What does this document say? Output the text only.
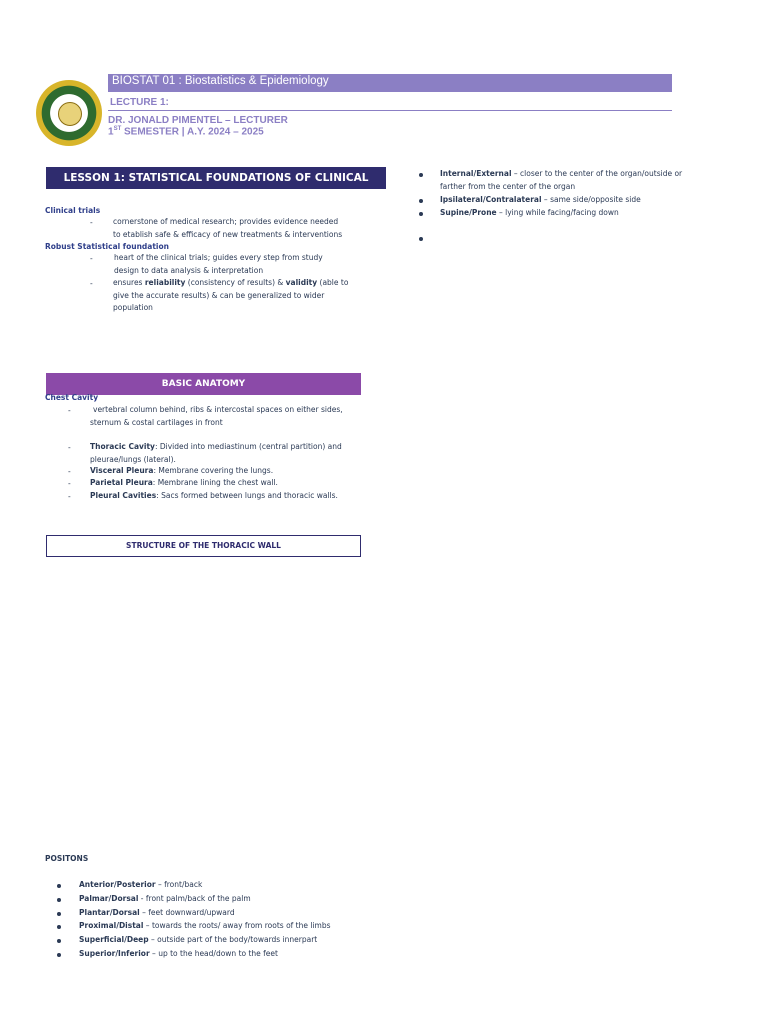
BIOSTAT 01 : Biostatistics & Epidemiology
LECTURE 1:
DR. JONALD PIMENTEL – LECTURER
1ST SEMESTER | A.Y. 2024 – 2025
LESSON 1: STATISTICAL FOUNDATIONS OF CLINICAL TRIALS
Clinical trials
-	cornerstone of medical research; provides evidence needed
to etablish safe & efficacy of new treatments & interventions
Robust Statistical foundation
-	heart of the clinical trials; guides every step from study
design to data analysis & interpretation
-	ensures reliability (consistency of results) & validity (able to
give the accurate results) & can be generalized to wider
population
BASIC ANATOMY
Chest Cavity
-	vertebral column behind, ribs & intercostal spaces on either sides,
sternum & costal cartilages in front
-	Thoracic Cavity: Divided into mediastinum (central partition) and
pleurae/lungs (lateral).
-	Visceral Pleura: Membrane covering the lungs.
-	Parietal Pleura: Membrane lining the chest wall.
-	Pleural Cavities: Sacs formed between lungs and thoracic walls.
STRUCTURE OF THE THORACIC WALL
Internal/External – closer to the center of the organ/outside or
farther from the center of the organ
Ipsilateral/Contralateral – same side/opposite side
Supine/Prone – lying while facing/facing down
POSITONS
Anterior/Posterior – front/back
Palmar/Dorsal - front palm/back of the palm
Plantar/Dorsal – feet downward/upward
Proximal/Distal – towards the roots/ away from roots of the limbs
Superficial/Deep – outside part of the body/towards innerpart
Superior/Inferior – up to the head/down to the feet
